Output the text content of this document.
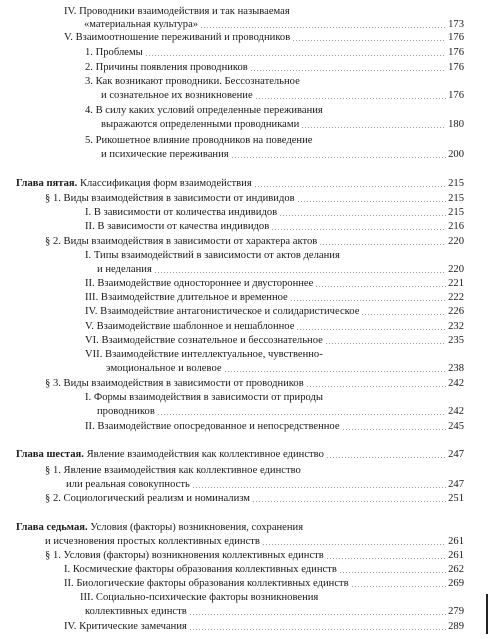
IV. Проводники взаимодействия и так называемая
«материальная культура»	173
V. Взаимоотношение переживаний и проводников	176
1. Проблемы	176
2. Причины появления проводников	176
3. Как возникают проводники. Бессознательное
и сознательное их возникновение	176
4. В силу каких условий определенные переживания
выражаются определенными проводниками	180
5. Рикошетное влияние проводников на поведение
и психические переживания	200
Глава пятая. Классификация форм взаимодействия	215
§ 1. Виды взаимодействия в зависимости от индивидов	215
I. В зависимости от количества индивидов	215
II. В зависимости от качества индивидов	216
§ 2. Виды взаимодействия в зависимости от характера актов	220
I. Типы взаимодействий в зависимости от актов делания
и неделания	220
II. Взаимодействие одностороннее и двустороннее	221
III. Взаимодействие длительное и временное	222
IV. Взаимодействие антагонистическое и солидаристическое	226
V. Взаимодействие шаблонное и нешаблонное	232
VI. Взаимодействие сознательное и бессознательное	235
VII. Взаимодействие интеллектуальное, чувственно-
эмоциональное и волевое	238
§ 3. Виды взаимодействия в зависимости от проводников	242
I. Формы взаимодействия в зависимости от природы
проводников	242
II. Взаимодействие опосредованное и непосредственное	245
Глава шестая. Явление взаимодействия как коллективное единство	247
§ 1. Явление взаимодействия как коллективное единство
или реальная совокупность	247
§ 2. Социологический реализм и номинализм	251
Глава седьмая. Условия (факторы) возникновения, сохранения
и исчезновения простых коллективных единств	261
§ 1. Условия (факторы) возникновения коллективных единств	261
I. Космические факторы образования коллективных единств	262
II. Биологические факторы образования коллективных единств	269
III. Социально-психические факторы возникновения
коллективных единств	279
IV. Критические замечания	289
